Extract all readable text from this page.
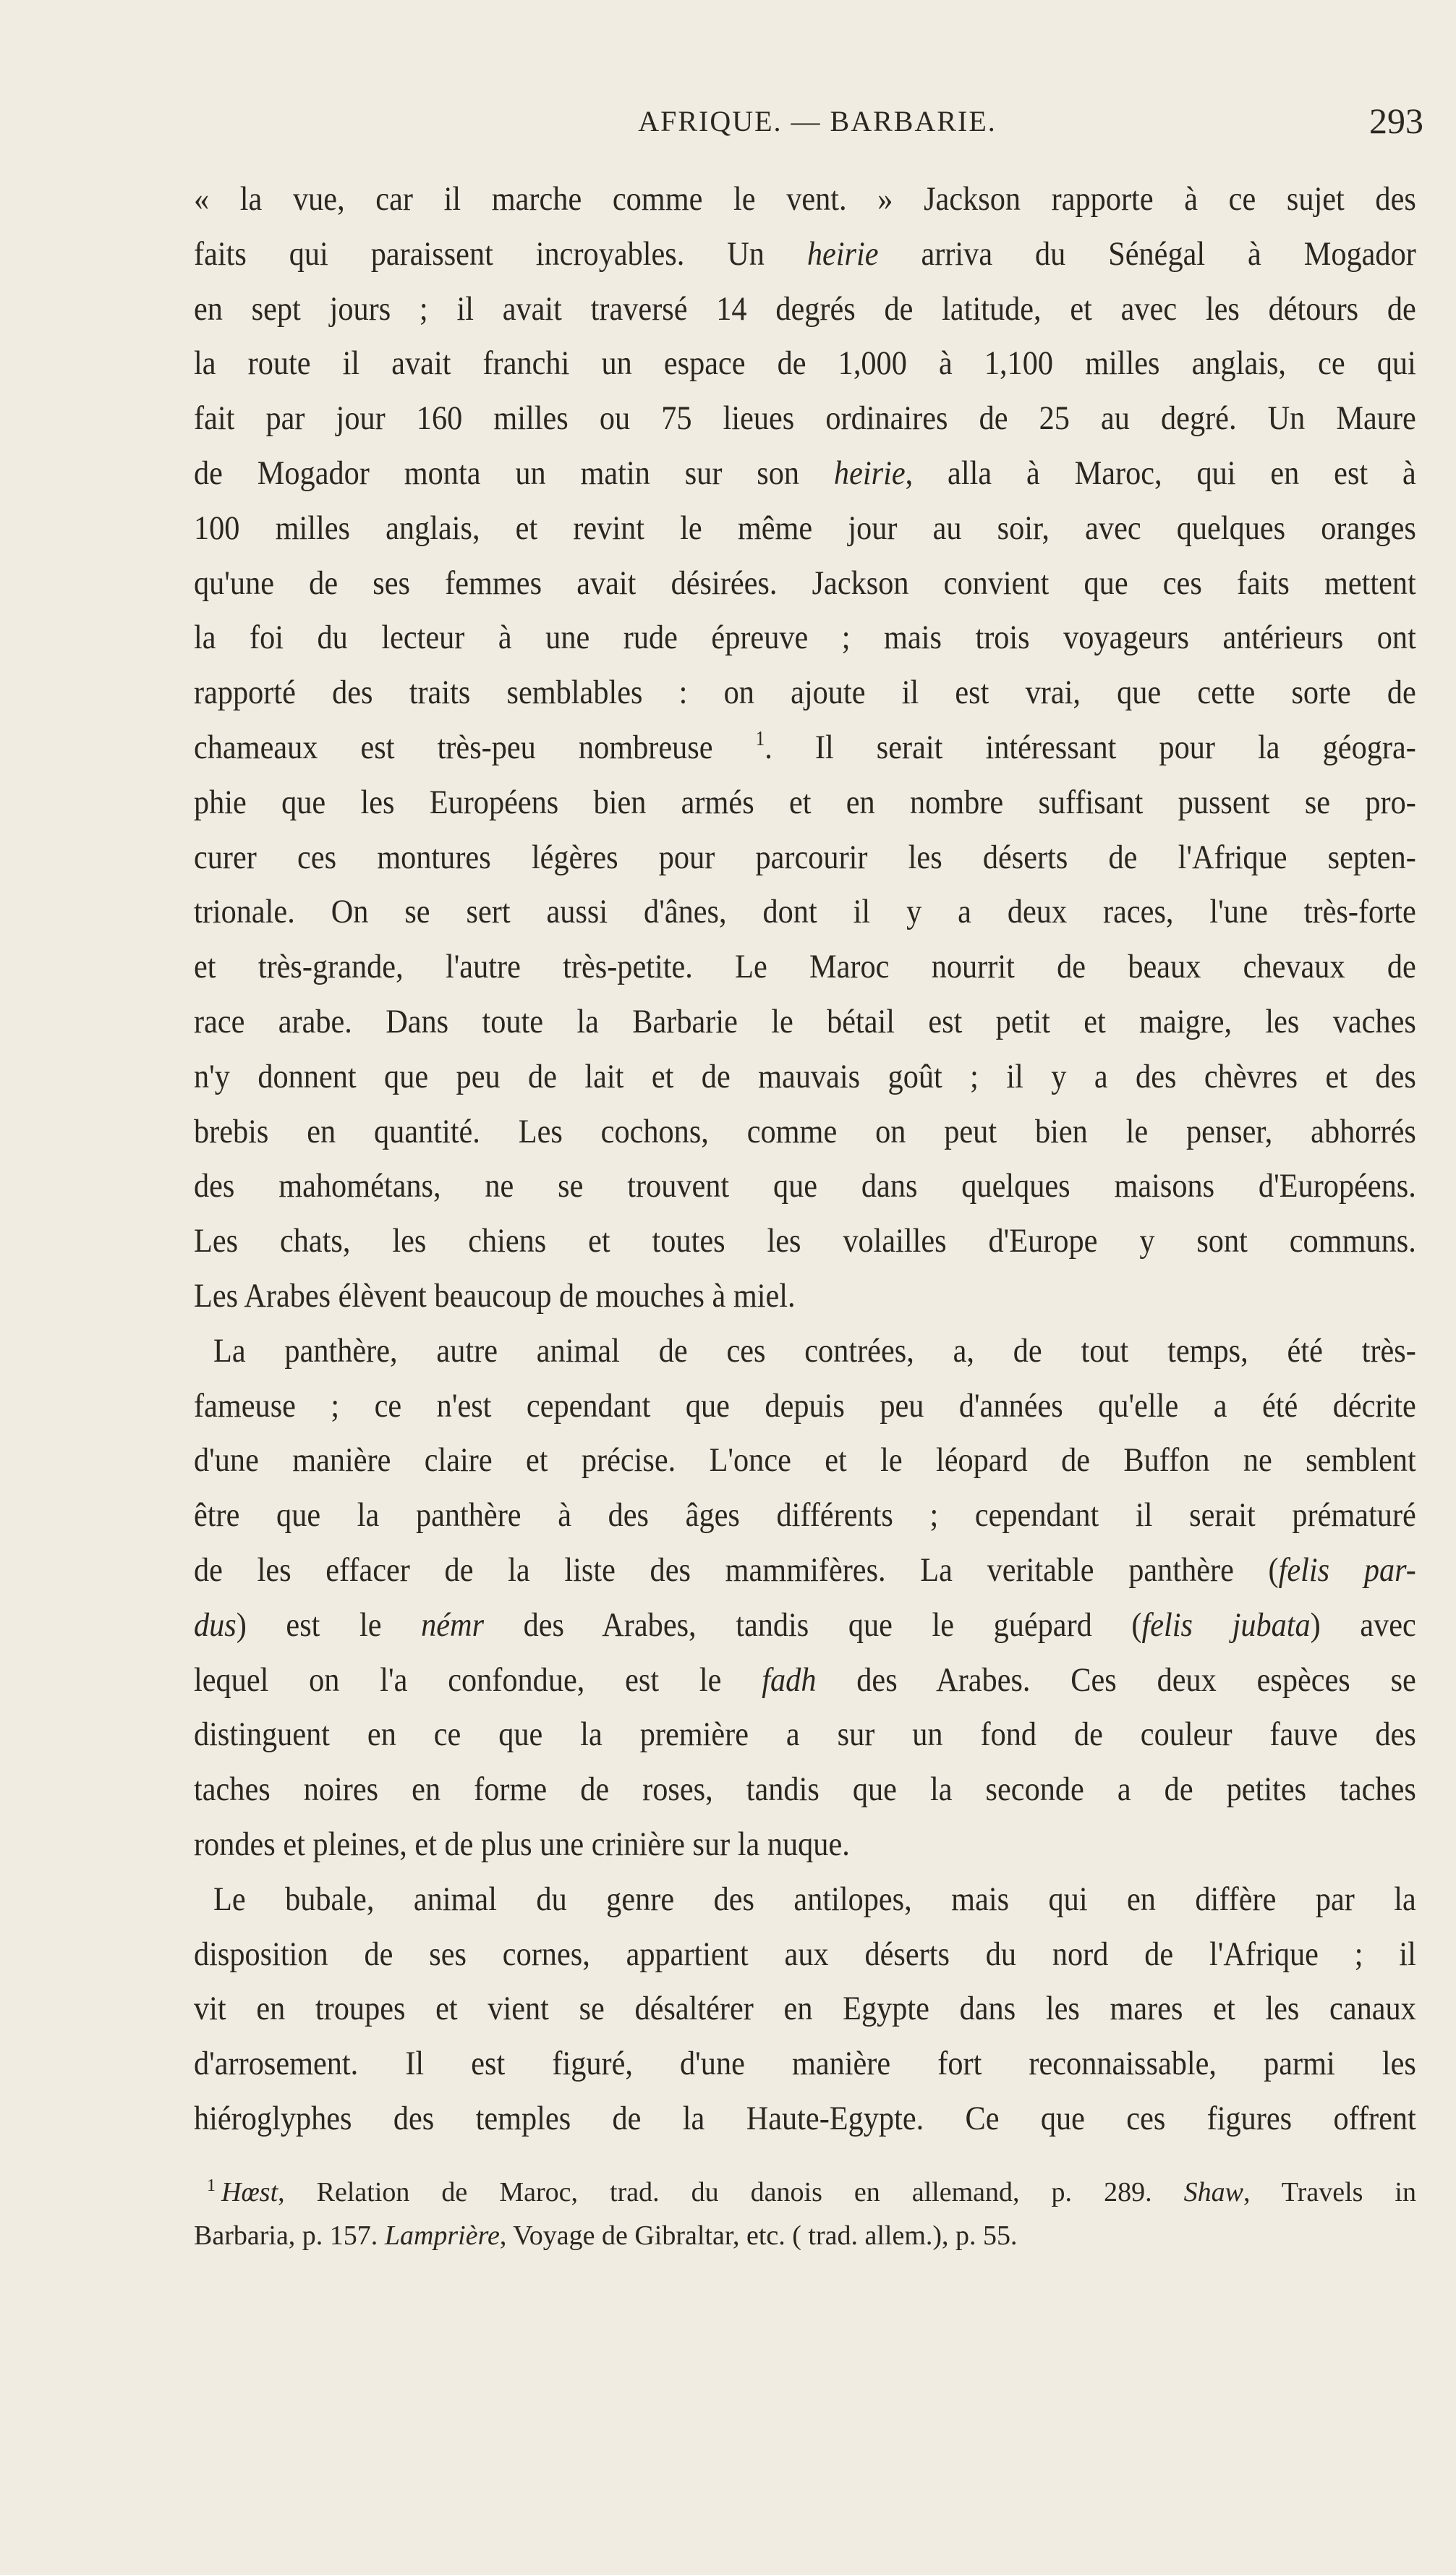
AFRIQUE. — BARBARIE.	293
« la vue, car il marche comme le vent. » Jackson rapporte à ce sujet des
faits qui paraissent incroyables. Un heirie arriva du Sénégal à Mogador
en sept jours ; il avait traversé 14 degrés de latitude, et avec les détours de
la route il avait franchi un espace de 1,000 à 1,100 milles anglais, ce qui
fait par jour 160 milles ou 75 lieues ordinaires de 25 au degré. Un Maure
de Mogador monta un matin sur son heirie, alla à Maroc, qui en est à
100 milles anglais, et revint le même jour au soir, avec quelques oranges
qu'une de ses femmes avait désirées. Jackson convient que ces faits mettent
la foi du lecteur à une rude épreuve ; mais trois voyageurs antérieurs ont
rapporté des traits semblables : on ajoute il est vrai, que cette sorte de
chameaux est très-peu nombreuse $^1$. Il serait intéressant pour la géogra-
phie que les Européens bien armés et en nombre suffisant pussent se pro-
curer ces montures légères pour parcourir les déserts de l'Afrique septen-
trionale. On se sert aussi d'ânes, dont il y a deux races, l'une très-forte
et très-grande, l'autre très-petite. Le Maroc nourrit de beaux chevaux de
race arabe. Dans toute la Barbarie le bétail est petit et maigre, les vaches
n'y donnent que peu de lait et de mauvais goût ; il y a des chèvres et des
brebis en quantité. Les cochons, comme on peut bien le penser, abhorrés
des mahométans, ne se trouvent que dans quelques maisons d'Européens.
Les chats, les chiens et toutes les volailles d'Europe y sont communs.
Les Arabes élèvent beaucoup de mouches à miel.
La panthère, autre animal de ces contrées, a, de tout temps, été très-
fameuse ; ce n'est cependant que depuis peu d'années qu'elle a été décrite
d'une manière claire et précise. L'once et le léopard de Buffon ne semblent
être que la panthère à des âges différents ; cependant il serait prématuré
de les effacer de la liste des mammifères. La veritable panthère (felis par-
dus) est le némr des Arabes, tandis que le guépard (felis jubata) avec
lequel on l'a confondue, est le fadh des Arabes. Ces deux espèces se
distinguent en ce que la première a sur un fond de couleur fauve des
taches noires en forme de roses, tandis que la seconde a de petites taches
rondes et pleines, et de plus une crinière sur la nuque.
Le bubale, animal du genre des antilopes, mais qui en diffère par la
disposition de ses cornes, appartient aux déserts du nord de l'Afrique ; il
vit en troupes et vient se désaltérer en Egypte dans les mares et les canaux
d'arrosement. Il est figuré, d'une manière fort reconnaissable, parmi les
hiéroglyphes des temples de la Haute-Egypte. Ce que ces figures offrent
$^1$ Hœst, Relation de Maroc, trad. du danois en allemand, p. 289. Shaw, Travels in
Barbaria, p. 157. Lamprière, Voyage de Gibraltar, etc. ( trad. allem.), p. 55.
